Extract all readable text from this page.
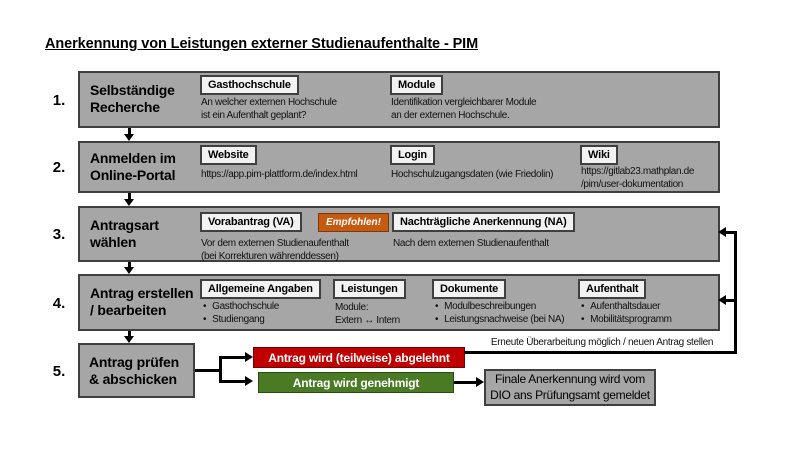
Anerkennung von Leistungen externer Studienaufenthalte - PIM
1.
Selbständige Recherche
Gasthochschule
An welcher externen Hochschule
ist ein Aufenthalt geplant?
Module
Identifikation vergleichbarer Module
an der externen Hochschule.
2.
Anmelden im Online-Portal
Website
https://app.pim-plattform.de/index.html
Login
Hochschulzugangsdaten (wie Friedolin)
Wiki
https://gitlab23.mathplan.de
/pim/user-dokumentation
3.
Antragsart wählen
Vorabantrag (VA)	Empfohlen!
Vor dem externen Studienaufenthalt
(bei Korrekturen währenddessen)
Nachträgliche Anerkennung (NA)
Nach dem externen Studienaufenthalt
4.
Antrag erstellen / bearbeiten
Allgemeine Angaben
• Gasthochschule
• Studiengang
Leistungen
Module:
Extern ↔ Intern
Dokumente
• Modulbeschreibungen
• Leistungsnachweise (bei NA)
Aufenthalt
• Aufenthaltsdauer
• Mobilitätsprogramm
5.
Antrag prüfen & abschicken
Antrag wird (teilweise) abgelehnt
Antrag wird genehmigt
Erneute Überarbeitung möglich / neuen Antrag stellen
Finale Anerkennung wird vom
DIO ans Prüfungsamt gemeldet
